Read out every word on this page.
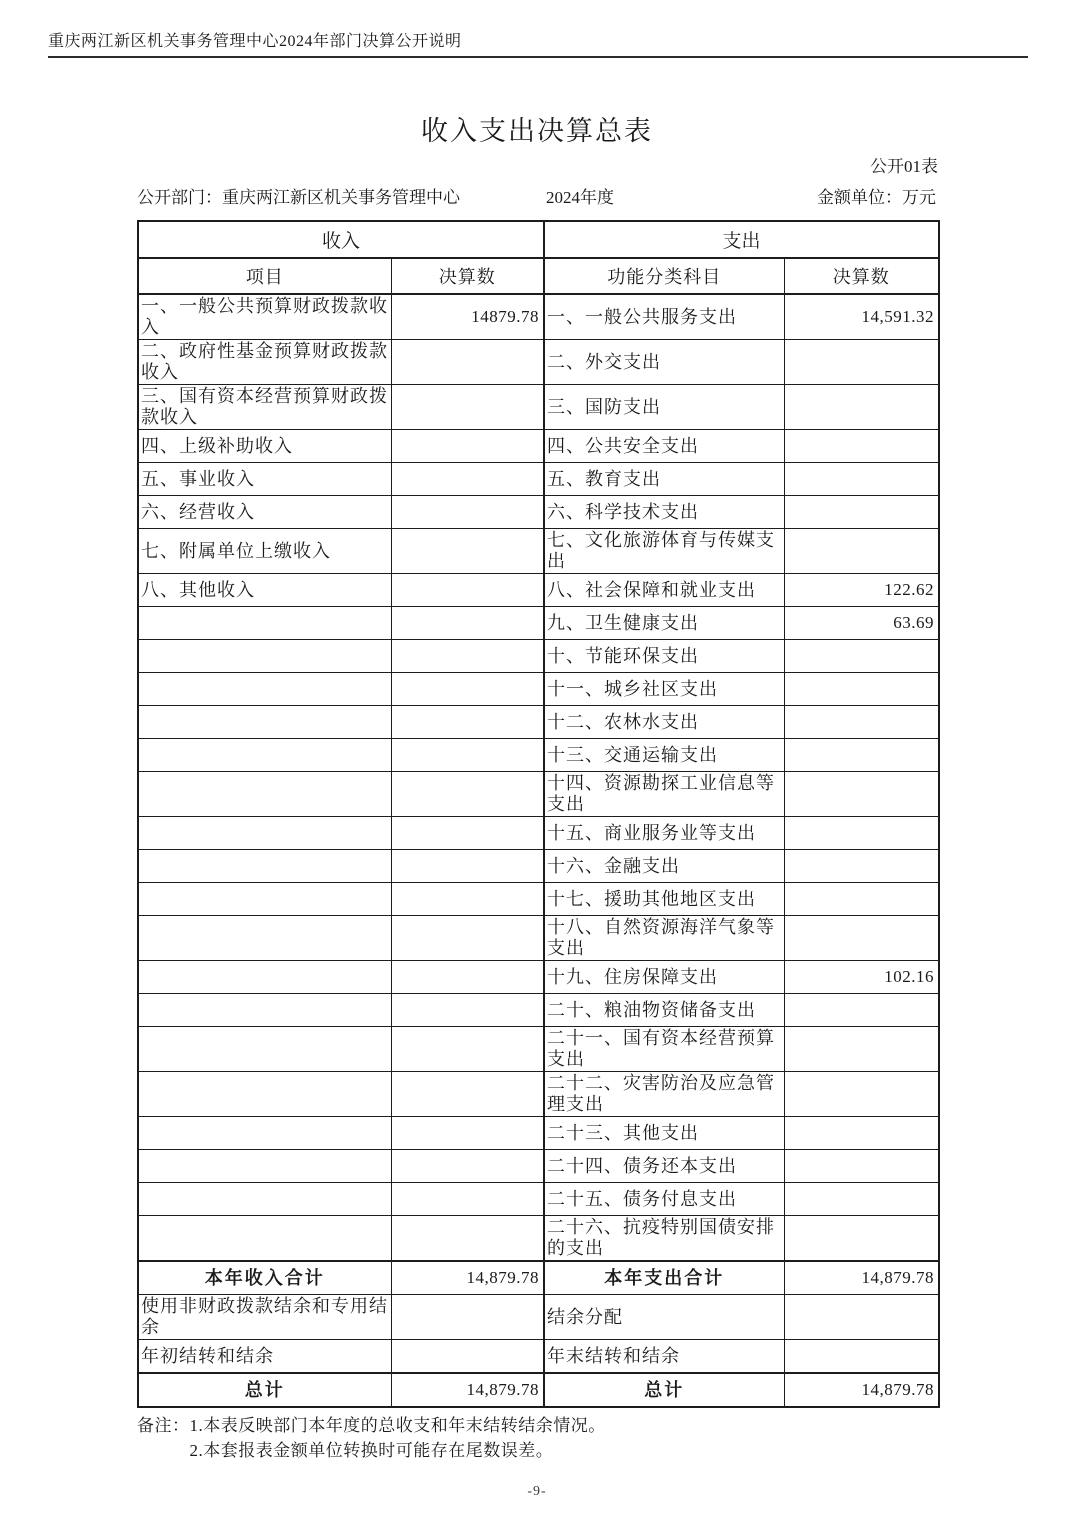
重庆两江新区机关事务管理中心2024年部门决算公开说明
收入支出决算总表
公开01表
公开部门：重庆两江新区机关事务管理中心	2024年度	金额单位：万元
收入		支出	
项目	决算数	功能分类科目	决算数
一、一般公共预算财政拨款收入	14879.78	一、一般公共服务支出	14,591.32
二、政府性基金预算财政拨款收入		二、外交支出	
三、国有资本经营预算财政拨款收入		三、国防支出	
四、上级补助收入		四、公共安全支出	
五、事业收入		五、教育支出	
六、经营收入		六、科学技术支出	
七、附属单位上缴收入		七、文化旅游体育与传媒支出	
八、其他收入		八、社会保障和就业支出	122.62
		九、卫生健康支出	63.69
		十、节能环保支出	
		十一、城乡社区支出	
		十二、农林水支出	
		十三、交通运输支出	
		十四、资源勘探工业信息等支出	
		十五、商业服务业等支出	
		十六、金融支出	
		十七、援助其他地区支出	
		十八、自然资源海洋气象等支出	
		十九、住房保障支出	102.16
		二十、粮油物资储备支出	
		二十一、国有资本经营预算支出	
		二十二、灾害防治及应急管理支出	
		二十三、其他支出	
		二十四、债务还本支出	
		二十五、债务付息支出	
		二十六、抗疫特别国债安排的支出	
本年收入合计	14,879.78	本年支出合计	14,879.78
使用非财政拨款结余和专用结余		结余分配	
年初结转和结余		年末结转和结余	
总计	14,879.78	总计	14,879.78
备注： 1.本表反映部门本年度的总收支和年末结转结余情况。
2.本套报表金额单位转换时可能存在尾数误差。
-9-
